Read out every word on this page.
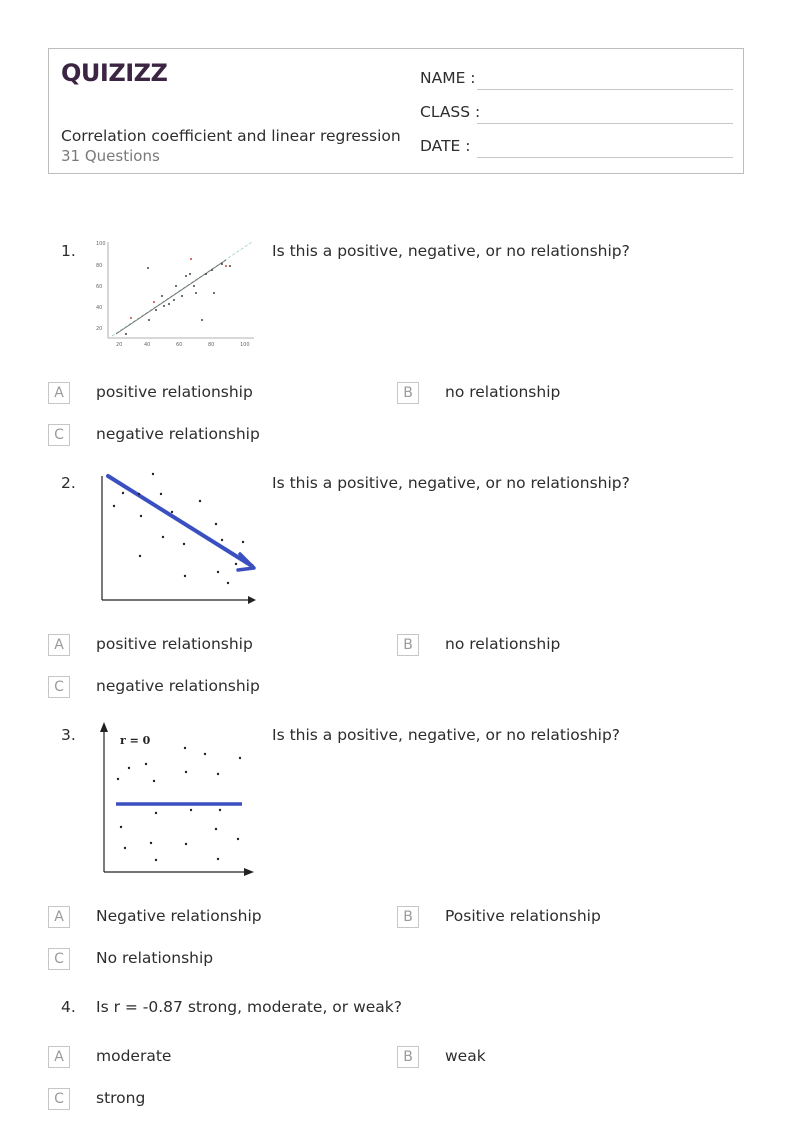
QUIZIZZ
Correlation coefficient and linear regression
31 Questions
NAME :
CLASS :
DATE :
1.	100
80
60
40
20
20	40	60	80	100
Is this a positive, negative, or no relationship?
A	positive relationship	B	no relationship
C	negative relationship
2.	Is this a positive, negative, or no relationship?
A	positive relationship	B	no relationship
C	negative relationship
3.	r = 0	Is this a positive, negative, or no relatioship?
A	Negative relationship	B	Positive relationship
C	No relationship
4. Is r = -0.87 strong, moderate, or weak?
A	moderate	B	weak
C	strong
